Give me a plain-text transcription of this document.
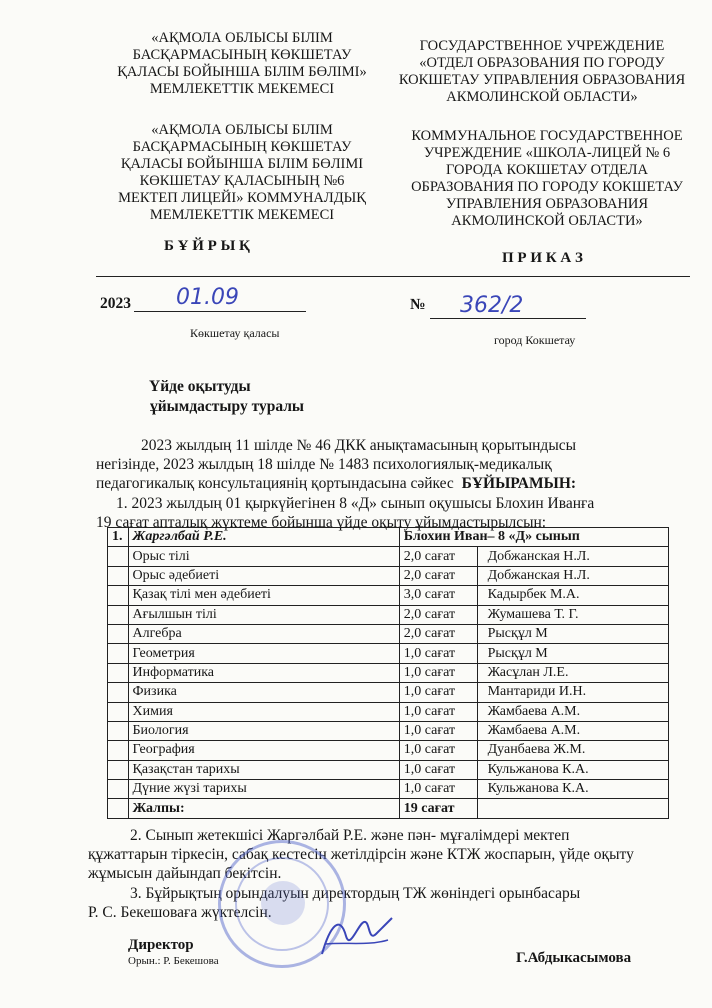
«АҚМОЛА ОБЛЫСЫ БІЛІМ
БАСҚАРМАСЫНЫҢ КӨКШЕТАУ
ҚАЛАСЫ БОЙЫНША БІЛІМ БӨЛІМІ»
МЕМЛЕКЕТТІК МЕКЕМЕСІ
ГОСУДАРСТВЕННОЕ УЧРЕЖДЕНИЕ
«ОТДЕЛ ОБРАЗОВАНИЯ ПО ГОРОДУ
КОКШЕТАУ УПРАВЛЕНИЯ ОБРАЗОВАНИЯ
АКМОЛИНСКОЙ ОБЛАСТИ»
«АҚМОЛА ОБЛЫСЫ БІЛІМ
БАСҚАРМАСЫНЫҢ КӨКШЕТАУ
ҚАЛАСЫ БОЙЫНША БІЛІМ БӨЛІМІ
КӨКШЕТАУ ҚАЛАСЫНЫҢ №6
МЕКТЕП ЛИЦЕЙІ» КОММУНАЛДЫҚ
МЕМЛЕКЕТТІК МЕКЕМЕСІ
КОММУНАЛЬНОЕ ГОСУДАРСТВЕННОЕ
УЧРЕЖДЕНИЕ «ШКОЛА-ЛИЦЕЙ № 6
ГОРОДА КОКШЕТАУ ОТДЕЛА
ОБРАЗОВАНИЯ ПО ГОРОДУ КОКШЕТАУ
УПРАВЛЕНИЯ ОБРАЗОВАНИЯ
АКМОЛИНСКОЙ ОБЛАСТИ»
Б Ұ Й Р Ы Қ
П Р И К А З
2023 01.09	№ 362/2
Көкшетау қаласы	город Кокшетау
Үйде оқытуды
ұйымдастыру туралы
2023 жылдың 11 шілде № 46 ДКК анықтамасының қорытындысы
негізінде, 2023 жылдың 18 шілде № 1483 психологиялық-медикалық
педагогикалық консультациянің қортындасына сәйкес БҰЙЫРАМЫН:
1. 2023 жылдың 01 қыркүйегінен 8 «Д» сынып оқушысы Блохин Иванға
19 сағат апталық жүктеме бойынша үйде оқыту ұйымдастырылсын:
1.	Жаргәлбай Р.Е.	Блохин Иван– 8 «Д» сынып	
	Орыс тілі	2,0 сағат	Добжанская Н.Л.
	Орыс әдебиеті	2,0 сағат	Добжанская Н.Л.
	Қазақ тілі мен әдебиеті	3,0 сағат	Кадырбек М.А.
	Ағылшын тілі	2,0 сағат	Жумашева Т. Г.
	Алгебра	2,0 сағат	Рысқұл М
	Геометрия	1,0 сағат	Рысқұл М
	Информатика	1,0 сағат	Жасұлан Л.Е.
	Физика	1,0 сағат	Мантариди И.Н.
	Химия	1,0 сағат	Жамбаева А.М.
	Биология	1,0 сағат	Жамбаева А.М.
	География	1,0 сағат	Дуанбаева Ж.М.
	Қазақстан тарихы	1,0 сағат	Кульжанова К.А.
	Дүние жүзі тарихы	1,0 сағат	Кульжанова К.А.
	Жалпы:	19 сағат	
2. Сынып жетекшісі Жаргәлбай Р.Е. және пән- мұғалімдері мектеп
құжаттарын тіркесін, сабақ кестесін жетілдірсін және КТЖ жоспарын, үйде оқыту
жұмысын дайындап бекітсін.
3. Бұйрықтың орындалуын директордың ТЖ жөніндегі орынбасары
Р. С. Бекешоваға жүктелсін.
Директор
Орын.: Р. Бекешова	Г.Абдыкасымова
